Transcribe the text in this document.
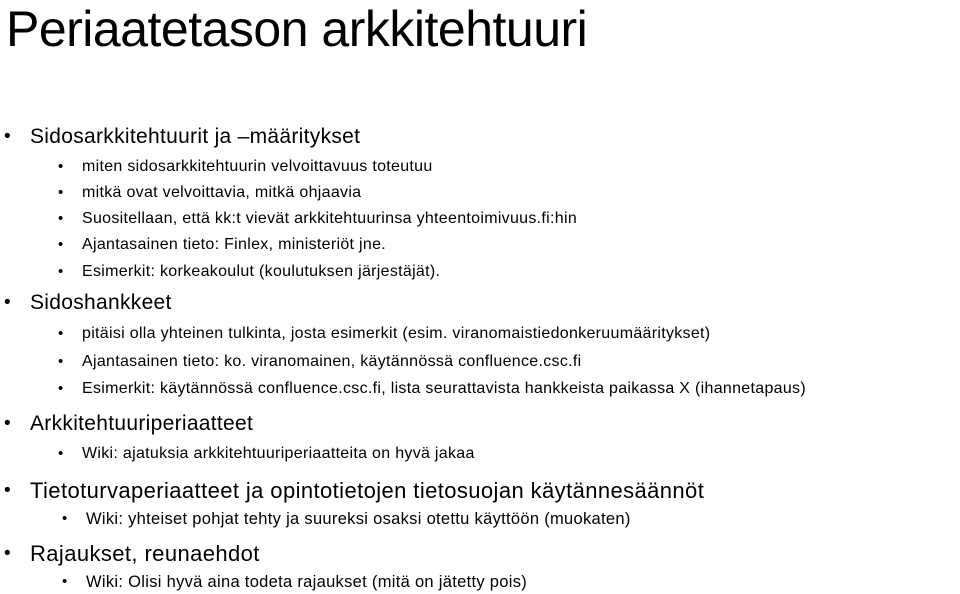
Periaatetason arkkitehtuuri
• Sidosarkkitehtuurit ja –määritykset
• miten sidosarkkitehtuurin velvoittavuus toteutuu
• mitkä ovat velvoittavia, mitkä ohjaavia
• Suositellaan, että kk:t vievät arkkitehtuurinsa yhteentoimivuus.fi:hin
• Ajantasainen tieto: Finlex, ministeriöt jne.
• Esimerkit: korkeakoulut (koulutuksen järjestäjät).
• Sidoshankkeet
• pitäisi olla yhteinen tulkinta, josta esimerkit (esim. viranomaistiedonkeruumääritykset)
• Ajantasainen tieto: ko. viranomainen, käytännössä confluence.csc.fi
• Esimerkit: käytännössä confluence.csc.fi, lista seurattavista hankkeista paikassa X (ihannetapaus)
• Arkkitehtuuriperiaatteet
• Wiki: ajatuksia arkkitehtuuriperiaatteita on hyvä jakaa
• Tietoturvaperiaatteet ja opintotietojen tietosuojan käytännesäännöt
• Wiki: yhteiset pohjat tehty ja suureksi osaksi otettu käyttöön (muokaten)
• Rajaukset, reunaehdot
• Wiki: Olisi hyvä aina todeta rajaukset (mitä on jätetty pois)
